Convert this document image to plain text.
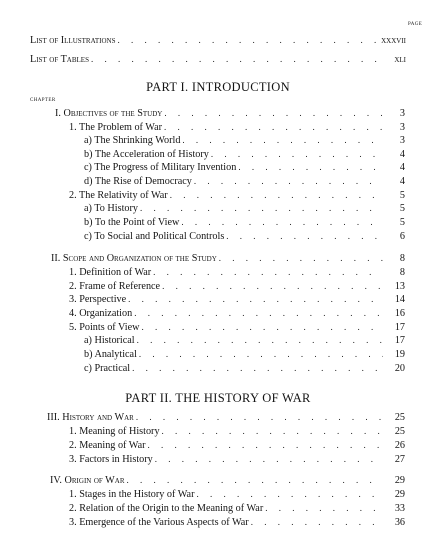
PAGE
List of Illustrations . . .	xxxvii
List of Tables . . .	xli
PART I. INTRODUCTION
CHAPTER
I. Objectives of the Study . . .	3
1. The Problem of War . . .	3
a) The Shrinking World . . .	3
b) The Acceleration of History . . .	4
c) The Progress of Military Invention . . .	4
d) The Rise of Democracy . . .	4
2. The Relativity of War . . .	5
a) To History . . .	5
b) To the Point of View . . .	5
c) To Social and Political Controls . . .	6
II. Scope and Organization of the Study . . .	8
1. Definition of War . . .	8
2. Frame of Reference . . .	13
3. Perspective . . .	14
4. Organization . . .	16
5. Points of View . . .	17
a) Historical . . .	17
b) Analytical . . .	19
c) Practical . . .	20
PART II. THE HISTORY OF WAR
III. History and War . . .	25
1. Meaning of History . . .	25
2. Meaning of War . . .	26
3. Factors in History . . .	27
IV. Origin of War . . .	29
1. Stages in the History of War . . .	29
2. Relation of the Origin to the Meaning of War . . .	33
3. Emergence of the Various Aspects of War . . .	36
